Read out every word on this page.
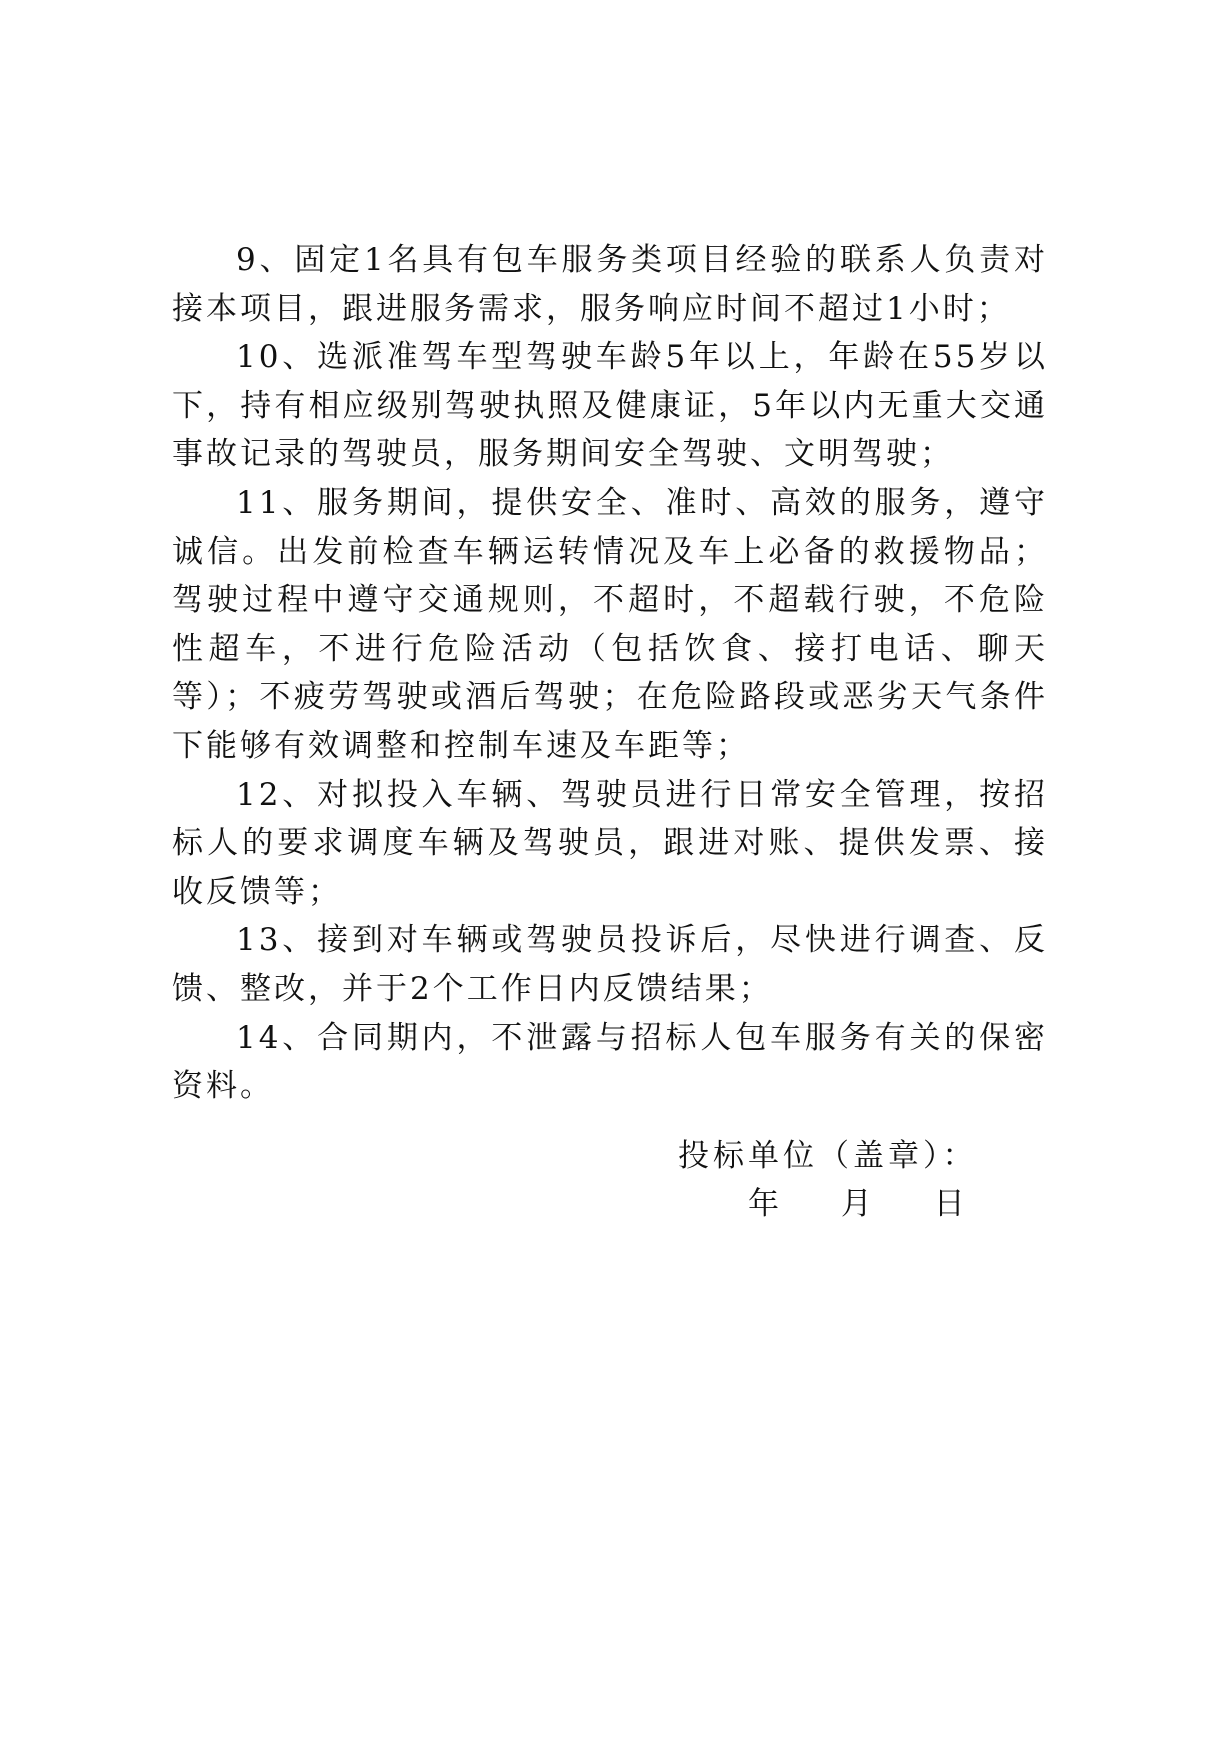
9、固定1名具有包车服务类项目经验的联系人负责对接本项目，跟进服务需求，服务响应时间不超过1小时；

10、选派准驾车型驾驶车龄5年以上，年龄在55岁以下，持有相应级别驾驶执照及健康证，5年以内无重大交通事故记录的驾驶员，服务期间安全驾驶、文明驾驶；

11、服务期间，提供安全、准时、高效的服务，遵守诚信。出发前检查车辆运转情况及车上必备的救援物品；驾驶过程中遵守交通规则，不超时，不超载行驶，不危险性超车，不进行危险活动（包括饮食、接打电话、聊天等）；不疲劳驾驶或酒后驾驶；在危险路段或恶劣天气条件下能够有效调整和控制车速及车距等；

12、对拟投入车辆、驾驶员进行日常安全管理，按招标人的要求调度车辆及驾驶员，跟进对账、提供发票、接收反馈等；

13、接到对车辆或驾驶员投诉后，尽快进行调查、反馈、整改，并于2个工作日内反馈结果；

14、合同期内，不泄露与招标人包车服务有关的保密资料。

投标单位（盖章）：
年 月 日
